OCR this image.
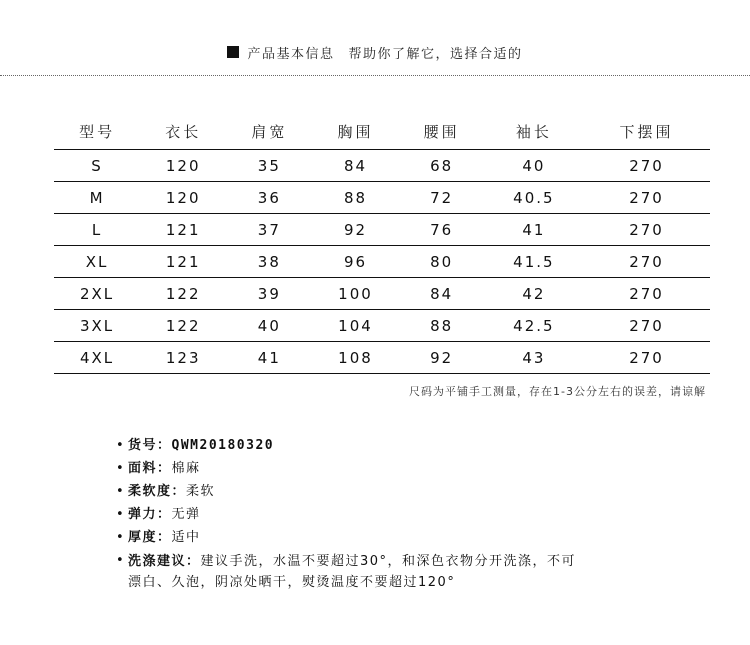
产品基本信息 帮助你了解它，选择合适的
型号	衣长	肩宽	胸围	腰围	袖长	下摆围
S	120	35	84	68	40	270
M	120	36	88	72	40.5	270
L	121	37	92	76	41	270
XL	121	38	96	80	41.5	270
2XL	122	39	100	84	42	270
3XL	122	40	104	88	42.5	270
4XL	123	41	108	92	43	270
尺码为平铺手工测量，存在1-3公分左右的误差，请谅解
• 货号： QWM20180320
• 面料： 棉麻
• 柔软度： 柔软
• 弹力： 无弹
• 厚度： 适中
• 洗涤建议：建议手洗，水温不要超过30°，和深色衣物分开洗涤，不可
漂白、久泡，阴凉处晒干，熨烫温度不要超过120°
